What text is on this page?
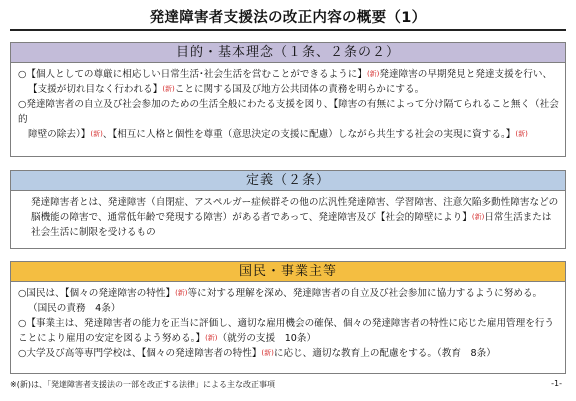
発達障害者支援法の改正内容の概要（1）
目的・基本理念（１条、２条の２）

○【個人としての尊厳に相応しい日常生活･社会生活を営むことができるように】(新)発達障害の早期発見と発達支援を行い、
【支援が切れ目なく行われる】(新)ことに関する国及び地方公共団体の責務を明らかにする。

○発達障害者の自立及び社会参加のための生活全般にわたる支援を図り、【障害の有無によって分け隔てられること無く（社会的
障壁の除去）】(新)、【相互に人格と個性を尊重（意思決定の支援に配慮）しながら共生する社会の実現に資する。】(新)

定義（２条）

発達障害者とは、発達障害（自閉症、アスペルガー症候群その他の広汎性発達障害、学習障害、注意欠陥多動性障害などの脳機能の障害で、通常低年齢で発現する障害）がある者であって、発達障害及び【社会的障壁により】(新)日常生活または社会生活に制限を受けるもの

国民・事業主等

○国民は、【個々の発達障害の特性】(新)等に対する理解を深め、発達障害者の自立及び社会参加に協力するように努める。
（国民の責務　4条）

○【事業主は、発達障害者の能力を正当に評価し、適切な雇用機会の確保、個々の発達障害者の特性に応じた雇用管理を行うことにより雇用の安定を図るよう努める。】(新)（就労の支援　10条）

○大学及び高等専門学校は、【個々の発達障害者の特性】(新)に応じ、適切な教育上の配慮をする。（教育　8条）

※(新)は、「発達障害者支援法の一部を改正する法律」による主な改正事項	-1-
